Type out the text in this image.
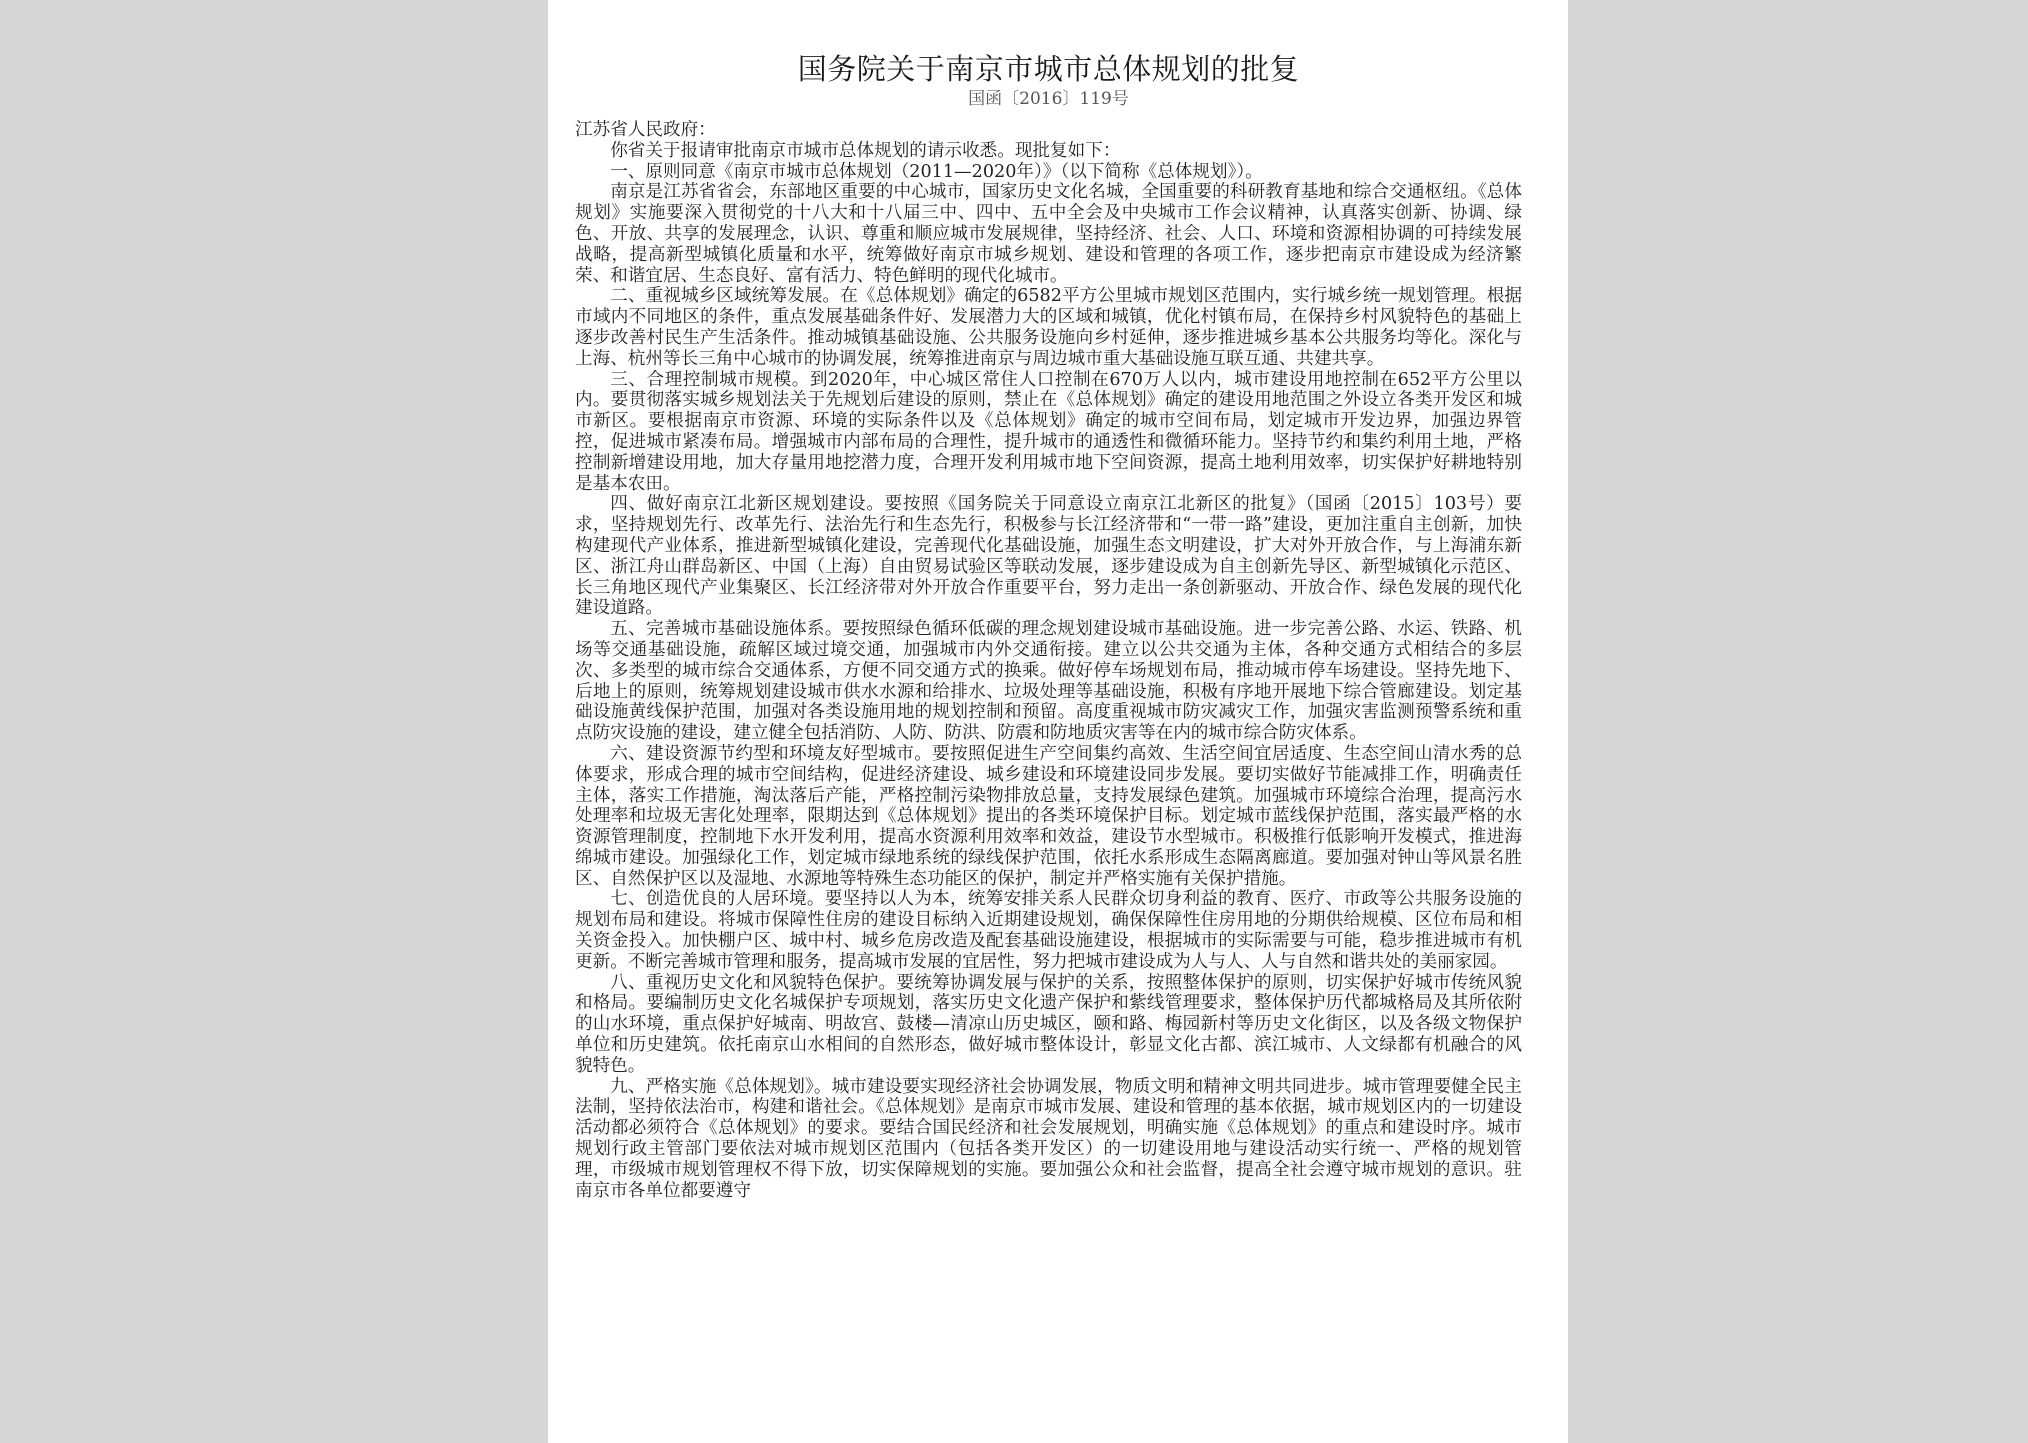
国务院关于南京市城市总体规划的批复
国函〔2016〕119号

江苏省人民政府：

你省关于报请审批南京市城市总体规划的请示收悉。现批复如下：

一、原则同意《南京市城市总体规划（2011—2020年）》（以下简称《总体规划》）。

南京是江苏省省会，东部地区重要的中心城市，国家历史文化名城，全国重要的科研教育基地和综合交通枢纽。《总体规划》实施要深入贯彻党的十八大和十八届三中、四中、五中全会及中央城市工作会议精神，认真落实创新、协调、绿色、开放、共享的发展理念，认识、尊重和顺应城市发展规律，坚持经济、社会、人口、环境和资源相协调的可持续发展战略，提高新型城镇化质量和水平，统筹做好南京市城乡规划、建设和管理的各项工作，逐步把南京市建设成为经济繁荣、和谐宜居、生态良好、富有活力、特色鲜明的现代化城市。

二、重视城乡区域统筹发展。在《总体规划》确定的6582平方公里城市规划区范围内，实行城乡统一规划管理。根据市域内不同地区的条件，重点发展基础条件好、发展潜力大的区域和城镇，优化村镇布局，在保持乡村风貌特色的基础上逐步改善村民生产生活条件。推动城镇基础设施、公共服务设施向乡村延伸，逐步推进城乡基本公共服务均等化。深化与上海、杭州等长三角中心城市的协调发展，统筹推进南京与周边城市重大基础设施互联互通、共建共享。

三、合理控制城市规模。到2020年，中心城区常住人口控制在670万人以内，城市建设用地控制在652平方公里以内。要贯彻落实城乡规划法关于先规划后建设的原则，禁止在《总体规划》确定的建设用地范围之外设立各类开发区和城市新区。要根据南京市资源、环境的实际条件以及《总体规划》确定的城市空间布局，划定城市开发边界，加强边界管控，促进城市紧凑布局。增强城市内部布局的合理性，提升城市的通透性和微循环能力。坚持节约和集约利用土地，严格控制新增建设用地，加大存量用地挖潜力度，合理开发利用城市地下空间资源，提高土地利用效率，切实保护好耕地特别是基本农田。

四、做好南京江北新区规划建设。要按照《国务院关于同意设立南京江北新区的批复》（国函〔2015〕103号）要求，坚持规划先行、改革先行、法治先行和生态先行，积极参与长江经济带和“一带一路”建设，更加注重自主创新，加快构建现代产业体系，推进新型城镇化建设，完善现代化基础设施，加强生态文明建设，扩大对外开放合作，与上海浦东新区、浙江舟山群岛新区、中国（上海）自由贸易试验区等联动发展，逐步建设成为自主创新先导区、新型城镇化示范区、长三角地区现代产业集聚区、长江经济带对外开放合作重要平台，努力走出一条创新驱动、开放合作、绿色发展的现代化建设道路。

五、完善城市基础设施体系。要按照绿色循环低碳的理念规划建设城市基础设施。进一步完善公路、水运、铁路、机场等交通基础设施，疏解区域过境交通，加强城市内外交通衔接。建立以公共交通为主体，各种交通方式相结合的多层次、多类型的城市综合交通体系，方便不同交通方式的换乘。做好停车场规划布局，推动城市停车场建设。坚持先地下、后地上的原则，统筹规划建设城市供水水源和给排水、垃圾处理等基础设施，积极有序地开展地下综合管廊建设。划定基础设施黄线保护范围，加强对各类设施用地的规划控制和预留。高度重视城市防灾减灾工作，加强灾害监测预警系统和重点防灾设施的建设，建立健全包括消防、人防、防洪、防震和防地质灾害等在内的城市综合防灾体系。

六、建设资源节约型和环境友好型城市。要按照促进生产空间集约高效、生活空间宜居适度、生态空间山清水秀的总体要求，形成合理的城市空间结构，促进经济建设、城乡建设和环境建设同步发展。要切实做好节能减排工作，明确责任主体，落实工作措施，淘汰落后产能，严格控制污染物排放总量，支持发展绿色建筑。加强城市环境综合治理，提高污水处理率和垃圾无害化处理率，限期达到《总体规划》提出的各类环境保护目标。划定城市蓝线保护范围，落实最严格的水资源管理制度，控制地下水开发利用，提高水资源利用效率和效益，建设节水型城市。积极推行低影响开发模式，推进海绵城市建设。加强绿化工作，划定城市绿地系统的绿线保护范围，依托水系形成生态隔离廊道。要加强对钟山等风景名胜区、自然保护区以及湿地、水源地等特殊生态功能区的保护，制定并严格实施有关保护措施。

七、创造优良的人居环境。要坚持以人为本，统筹安排关系人民群众切身利益的教育、医疗、市政等公共服务设施的规划布局和建设。将城市保障性住房的建设目标纳入近期建设规划，确保保障性住房用地的分期供给规模、区位布局和相关资金投入。加快棚户区、城中村、城乡危房改造及配套基础设施建设，根据城市的实际需要与可能，稳步推进城市有机更新。不断完善城市管理和服务，提高城市发展的宜居性，努力把城市建设成为人与人、人与自然和谐共处的美丽家园。

八、重视历史文化和风貌特色保护。要统筹协调发展与保护的关系，按照整体保护的原则，切实保护好城市传统风貌和格局。要编制历史文化名城保护专项规划，落实历史文化遗产保护和紫线管理要求，整体保护历代都城格局及其所依附的山水环境，重点保护好城南、明故宫、鼓楼—清凉山历史城区，颐和路、梅园新村等历史文化街区，以及各级文物保护单位和历史建筑。依托南京山水相间的自然形态，做好城市整体设计，彰显文化古都、滨江城市、人文绿都有机融合的风貌特色。

九、严格实施《总体规划》。城市建设要实现经济社会协调发展，物质文明和精神文明共同进步。城市管理要健全民主法制，坚持依法治市，构建和谐社会。《总体规划》是南京市城市发展、建设和管理的基本依据，城市规划区内的一切建设活动都必须符合《总体规划》的要求。要结合国民经济和社会发展规划，明确实施《总体规划》的重点和建设时序。城市规划行政主管部门要依法对城市规划区范围内（包括各类开发区）的一切建设用地与建设活动实行统一、严格的规划管理，市级城市规划管理权不得下放，切实保障规划的实施。要加强公众和社会监督，提高全社会遵守城市规划的意识。驻南京市各单位都要遵守
